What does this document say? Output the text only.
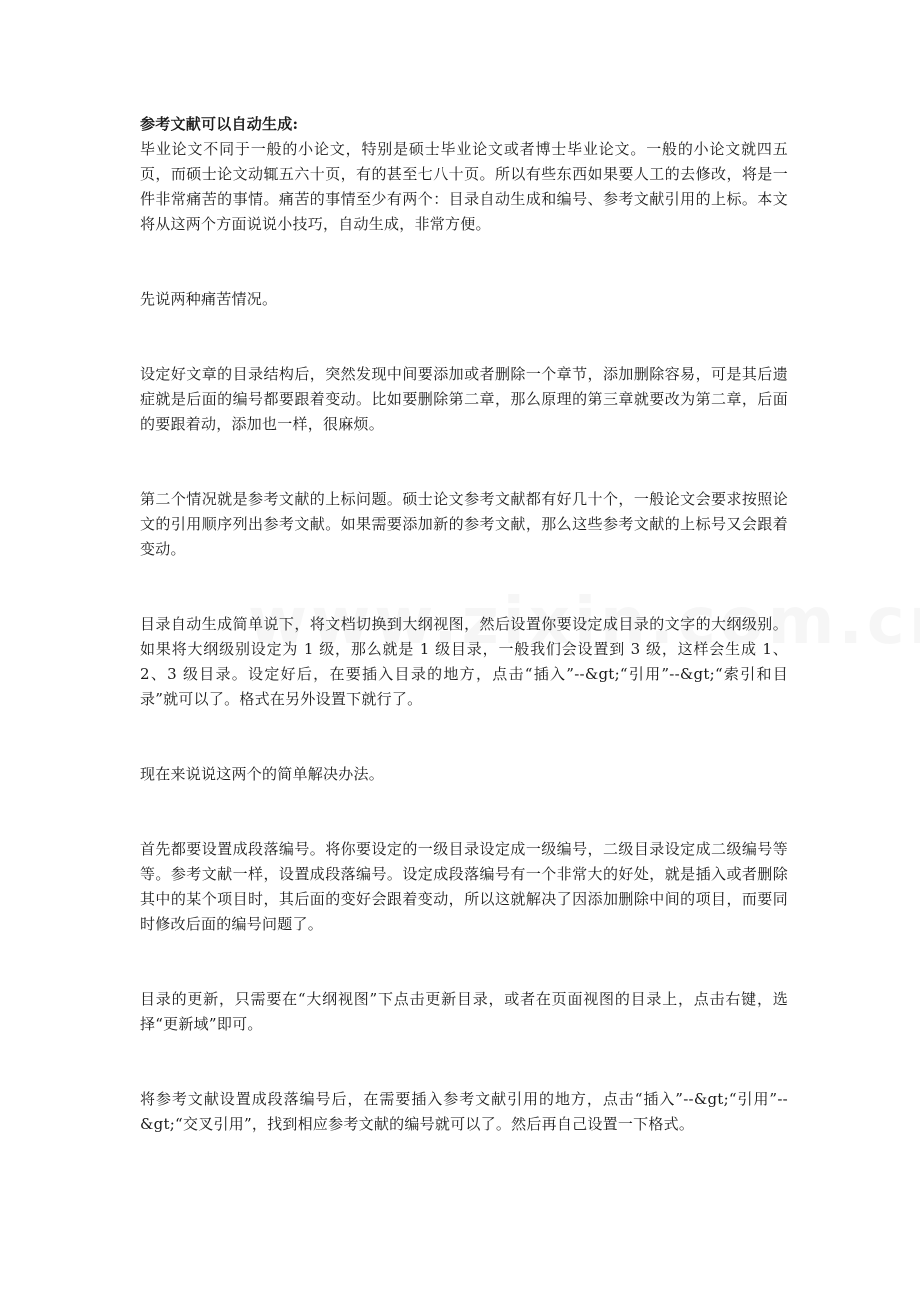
参考文献可以自动生成:

毕业论文不同于一般的小论文，特别是硕士毕业论文或者博士毕业论文。一般的小论文就四五页，而硕士论文动辄五六十页，有的甚至七八十页。所以有些东西如果要人工的去修改，将是一件非常痛苦的事情。痛苦的事情至少有两个：目录自动生成和编号、参考文献引用的上标。本文将从这两个方面说说小技巧，自动生成，非常方便。

先说两种痛苦情况。

设定好文章的目录结构后，突然发现中间要添加或者删除一个章节，添加删除容易，可是其后遗症就是后面的编号都要跟着变动。比如要删除第二章，那么原理的第三章就要改为第二章，后面的要跟着动，添加也一样，很麻烦。

第二个情况就是参考文献的上标问题。硕士论文参考文献都有好几十个，一般论文会要求按照论文的引用顺序列出参考文献。如果需要添加新的参考文献，那么这些参考文献的上标号又会跟着变动。

目录自动生成简单说下，将文档切换到大纲视图，然后设置你要设定成目录的文字的大纲级别。如果将大纲级别设定为 1 级，那么就是 1 级目录，一般我们会设置到 3 级，这样会生成 1、2、3 级目录。设定好后，在要插入目录的地方，点击“插入”--&gt;“引用”--&gt;“索引和目录”就可以了。格式在另外设置下就行了。

现在来说说这两个的简单解决办法。

首先都要设置成段落编号。将你要设定的一级目录设定成一级编号，二级目录设定成二级编号等等。参考文献一样，设置成段落编号。设定成段落编号有一个非常大的好处，就是插入或者删除其中的某个项目时，其后面的变好会跟着变动，所以这就解决了因添加删除中间的项目，而要同时修改后面的编号问题了。

目录的更新，只需要在“大纲视图”下点击更新目录，或者在页面视图的目录上，点击右键，选择“更新域”即可。

将参考文献设置成段落编号后，在需要插入参考文献引用的地方，点击“插入”--&gt;“引用”--&gt;“交叉引用”，找到相应参考文献的编号就可以了。然后再自己设置一下格式。
